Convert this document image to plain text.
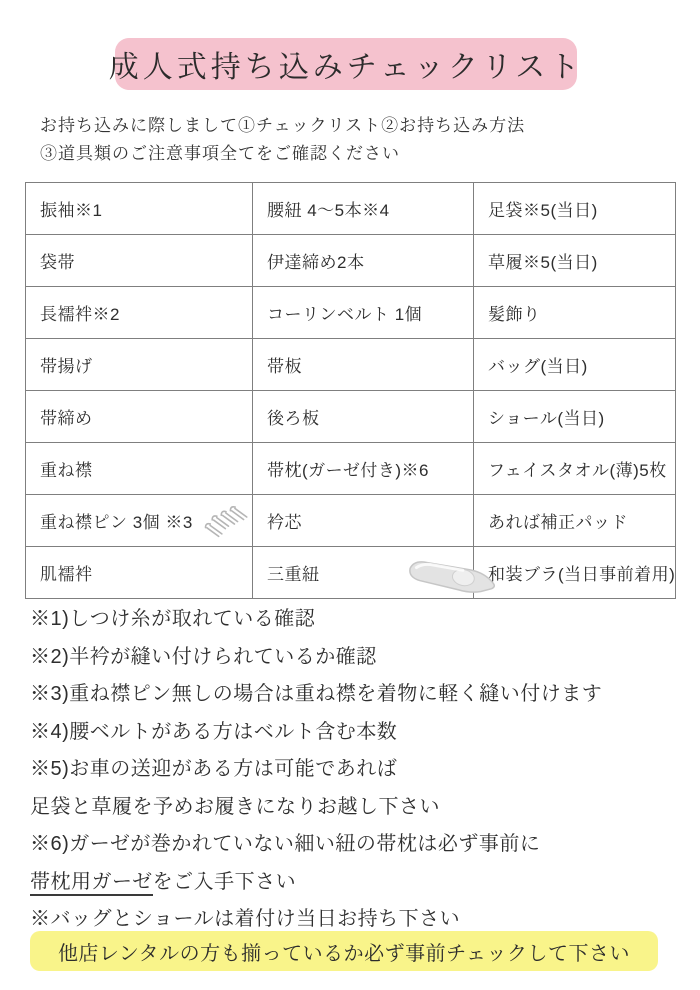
成人式持ち込みチェックリスト
お持ち込みに際しまして①チェックリスト②お持ち込み方法
③道具類のご注意事項全てをご確認ください
振袖※1	腰紐 4～5本※4	足袋※5(当日)
袋帯	伊達締め2本	草履※5(当日)
長襦袢※2	コーリンベルト 1個	髪飾り
帯揚げ	帯板	バッグ(当日)
帯締め	後ろ板	ショール(当日)
重ね襟	帯枕(ガーゼ付き)※6	フェイスタオル(薄)5枚

重ね襟ピン 3個 ※3	衿芯	あれば補正パッド
肌襦袢	三重紐	和装ブラ(当日事前着用)
※1)しつけ糸が取れている確認
※2)半衿が縫い付けられているか確認
※3)重ね襟ピン無しの場合は重ね襟を着物に軽く縫い付けます
※4)腰ベルトがある方はベルト含む本数
※5)お車の送迎がある方は可能であれば
足袋と草履を予めお履きになりお越し下さい
※6)ガーゼが巻かれていない細い紐の帯枕は必ず事前に
帯枕用ガーゼをご入手下さい
※バッグとショールは着付け当日お持ち下さい
他店レンタルの方も揃っているか必ず事前チェックして下さい
